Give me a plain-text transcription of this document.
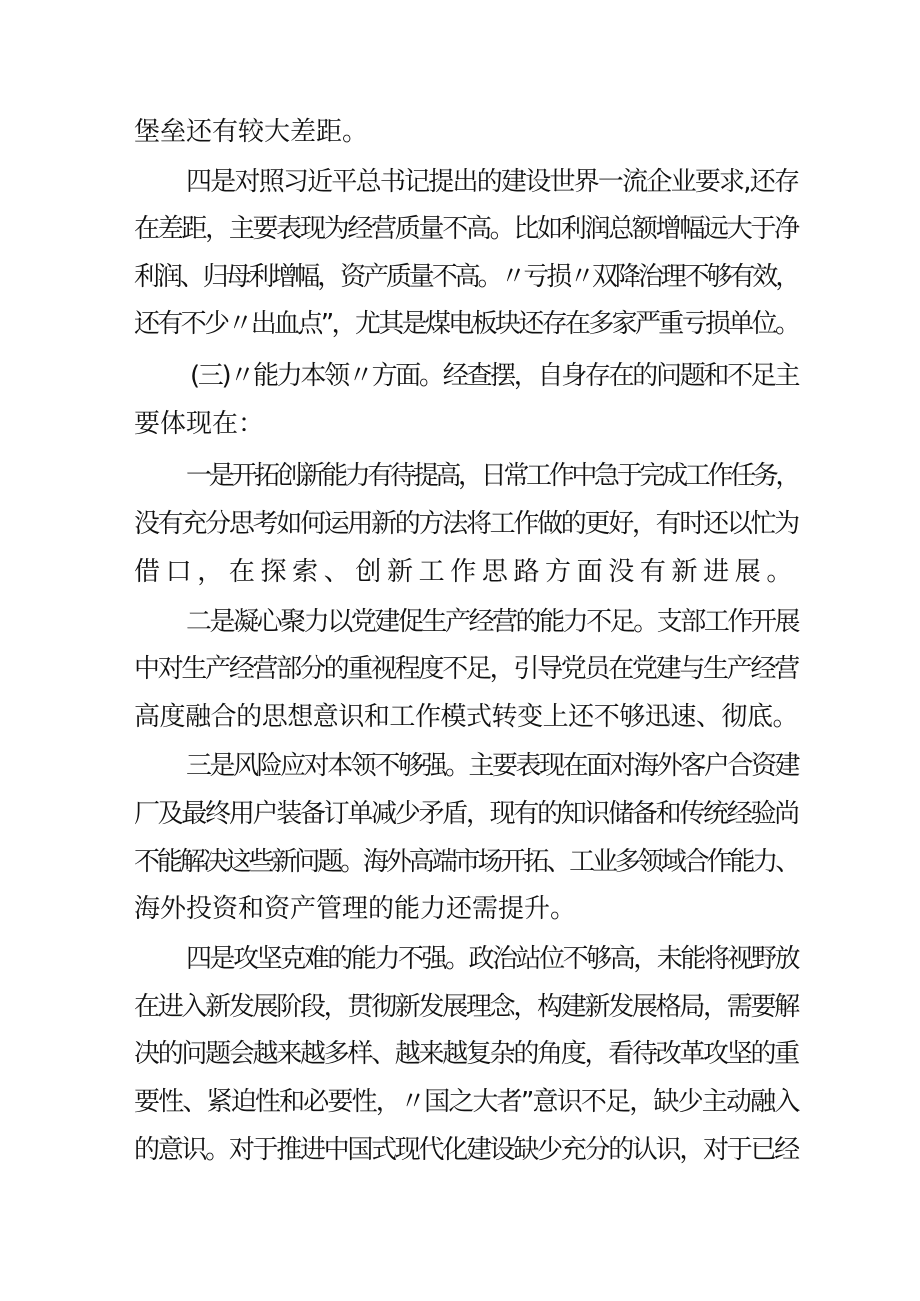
堡垒还有较大差距。
四是对照习近平总书记提出的建设世界一流企业要求,还存
在差距，主要表现为经营质量不高。比如利润总额增幅远大于净
利润、归母利增幅，资产质量不高。〃亏损〃双降治理不够有效，
还有不少〃出血点”，尤其是煤电板块还存在多家严重亏损单位。
(三)〃能力本领〃方面。经查摆，自身存在的问题和不足主
要体现在：
一是开拓创新能力有待提高，日常工作中急于完成工作任务，
没有充分思考如何运用新的方法将工作做的更好，有时还以忙为
借口，在探索、创新工作思路方面没有新进展。
二是凝心聚力以党建促生产经营的能力不足。支部工作开展
中对生产经营部分的重视程度不足，引导党员在党建与生产经营
高度融合的思想意识和工作模式转变上还不够迅速、彻底。
三是风险应对本领不够强。主要表现在面对海外客户合资建
厂及最终用户装备订单减少矛盾，现有的知识储备和传统经验尚
不能解决这些新问题。海外高端市场开拓、工业多领域合作能力、
海外投资和资产管理的能力还需提升。
四是攻坚克难的能力不强。政治站位不够高，未能将视野放
在进入新发展阶段，贯彻新发展理念，构建新发展格局，需要解
决的问题会越来越多样、越来越复杂的角度，看待改革攻坚的重
要性、紧迫性和必要性，〃国之大者”意识不足，缺少主动融入
的意识。对于推进中国式现代化建设缺少充分的认识，对于已经
